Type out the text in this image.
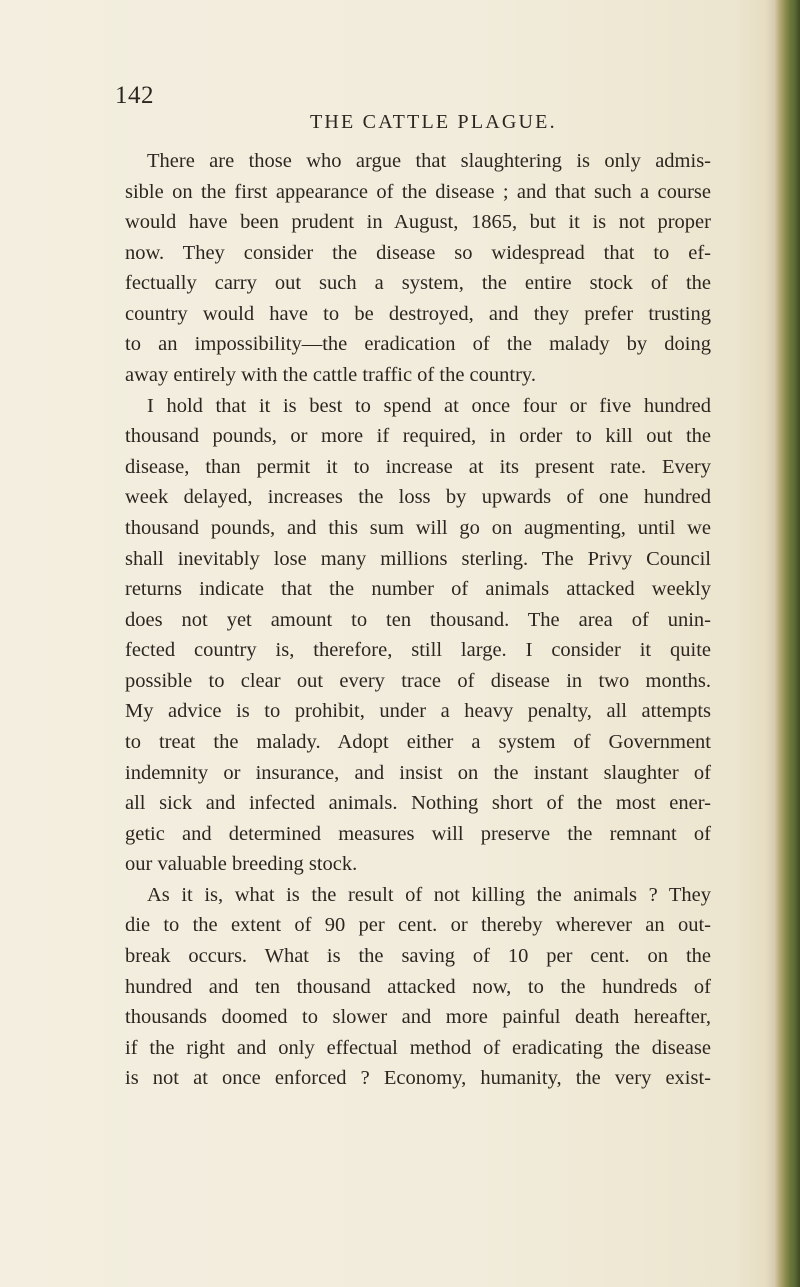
142
THE CATTLE PLAGUE.
There are those who argue that slaughtering is only admis-
sible on the first appearance of the disease ; and that such a course
would have been prudent in August, 1865, but it is not proper
now. They consider the disease so widespread that to ef-
fectually carry out such a system, the entire stock of the
country would have to be destroyed, and they prefer trusting
to an impossibility—the eradication of the malady by doing
away entirely with the cattle traffic of the country.
I hold that it is best to spend at once four or five hundred
thousand pounds, or more if required, in order to kill out the
disease, than permit it to increase at its present rate. Every
week delayed, increases the loss by upwards of one hundred
thousand pounds, and this sum will go on augmenting, until we
shall inevitably lose many millions sterling. The Privy Council
returns indicate that the number of animals attacked weekly
does not yet amount to ten thousand. The area of unin-
fected country is, therefore, still large. I consider it quite
possible to clear out every trace of disease in two months.
My advice is to prohibit, under a heavy penalty, all attempts
to treat the malady. Adopt either a system of Government
indemnity or insurance, and insist on the instant slaughter of
all sick and infected animals. Nothing short of the most ener-
getic and determined measures will preserve the remnant of
our valuable breeding stock.
As it is, what is the result of not killing the animals ? They
die to the extent of 90 per cent. or thereby wherever an out-
break occurs. What is the saving of 10 per cent. on the
hundred and ten thousand attacked now, to the hundreds of
thousands doomed to slower and more painful death hereafter,
if the right and only effectual method of eradicating the disease
is not at once enforced ? Economy, humanity, the very exist-
